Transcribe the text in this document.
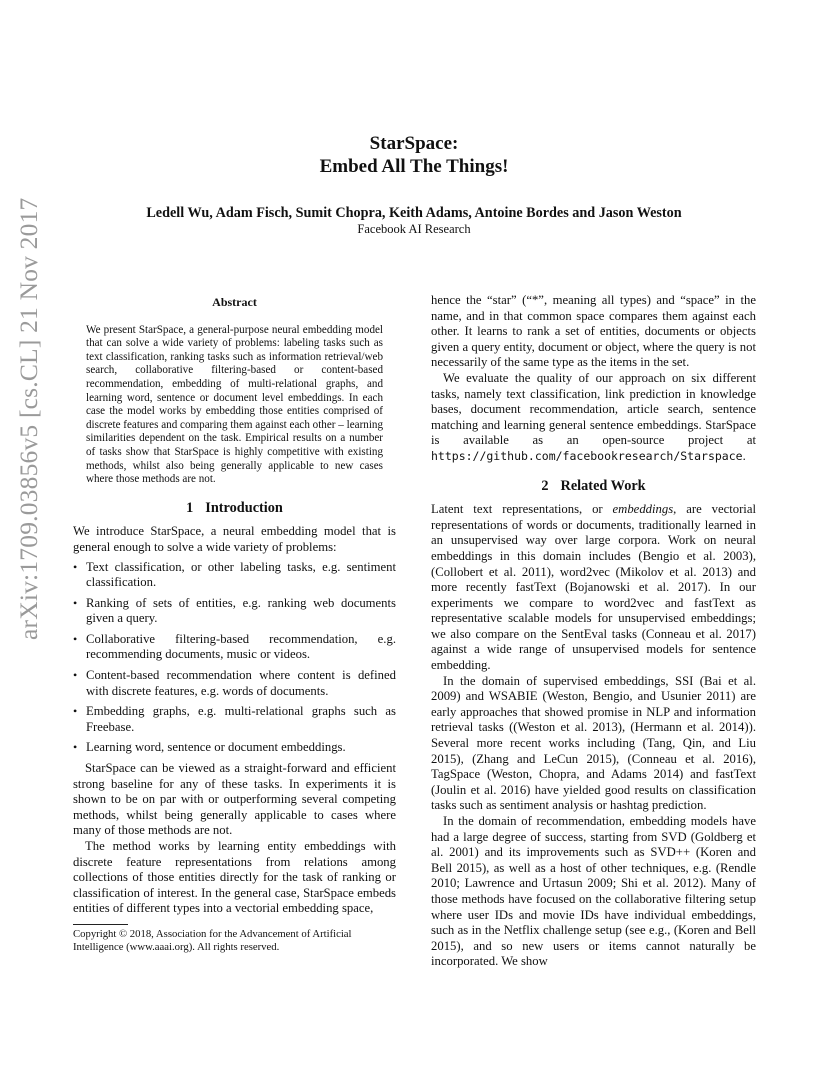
arXiv:1709.03856v5 [cs.CL] 21 Nov 2017
StarSpace:
Embed All The Things!
Ledell Wu, Adam Fisch, Sumit Chopra, Keith Adams, Antoine Bordes and Jason Weston
Facebook AI Research
Abstract

We present StarSpace, a general-purpose neural embedding model that can solve a wide variety of problems: labeling tasks such as text classification, ranking tasks such as information retrieval/web search, collaborative filtering-based or content-based recommendation, embedding of multi-relational graphs, and learning word, sentence or document level embeddings. In each case the model works by embedding those entities comprised of discrete features and comparing them against each other – learning similarities dependent on the task. Empirical results on a number of tasks show that StarSpace is highly competitive with existing methods, whilst also being generally applicable to new cases where those methods are not.

1 Introduction

We introduce StarSpace, a neural embedding model that is general enough to solve a wide variety of problems:

• Text classification, or other labeling tasks, e.g. sentiment classification.
• Ranking of sets of entities, e.g. ranking web documents given a query.
• Collaborative filtering-based recommendation, e.g. recommending documents, music or videos.
• Content-based recommendation where content is defined with discrete features, e.g. words of documents.
• Embedding graphs, e.g. multi-relational graphs such as Freebase.
• Learning word, sentence or document embeddings.

StarSpace can be viewed as a straight-forward and efficient strong baseline for any of these tasks. In experiments it is shown to be on par with or outperforming several competing methods, whilst being generally applicable to cases where many of those methods are not.

The method works by learning entity embeddings with discrete feature representations from relations among collections of those entities directly for the task of ranking or classification of interest. In the general case, StarSpace embeds entities of different types into a vectorial embedding space,

Copyright © 2018, Association for the Advancement of Artificial Intelligence (www.aaai.org). All rights reserved.

hence the “star” (“*”, meaning all types) and “space” in the name, and in that common space compares them against each other. It learns to rank a set of entities, documents or objects given a query entity, document or object, where the query is not necessarily of the same type as the items in the set.

We evaluate the quality of our approach on six different tasks, namely text classification, link prediction in knowledge bases, document recommendation, article search, sentence matching and learning general sentence embeddings. StarSpace is available as an open-source project at https://github.com/facebookresearch/Starspace.

2 Related Work

Latent text representations, or embeddings, are vectorial representations of words or documents, traditionally learned in an unsupervised way over large corpora. Work on neural embeddings in this domain includes (Bengio et al. 2003), (Collobert et al. 2011), word2vec (Mikolov et al. 2013) and more recently fastText (Bojanowski et al. 2017). In our experiments we compare to word2vec and fastText as representative scalable models for unsupervised embeddings; we also compare on the SentEval tasks (Conneau et al. 2017) against a wide range of unsupervised models for sentence embedding.

In the domain of supervised embeddings, SSI (Bai et al. 2009) and WSABIE (Weston, Bengio, and Usunier 2011) are early approaches that showed promise in NLP and information retrieval tasks ((Weston et al. 2013), (Hermann et al. 2014)). Several more recent works including (Tang, Qin, and Liu 2015), (Zhang and LeCun 2015), (Conneau et al. 2016), TagSpace (Weston, Chopra, and Adams 2014) and fastText (Joulin et al. 2016) have yielded good results on classification tasks such as sentiment analysis or hashtag prediction.

In the domain of recommendation, embedding models have had a large degree of success, starting from SVD (Goldberg et al. 2001) and its improvements such as SVD++ (Koren and Bell 2015), as well as a host of other techniques, e.g. (Rendle 2010; Lawrence and Urtasun 2009; Shi et al. 2012). Many of those methods have focused on the collaborative filtering setup where user IDs and movie IDs have individual embeddings, such as in the Netflix challenge setup (see e.g., (Koren and Bell 2015), and so new users or items cannot naturally be incorporated. We show
